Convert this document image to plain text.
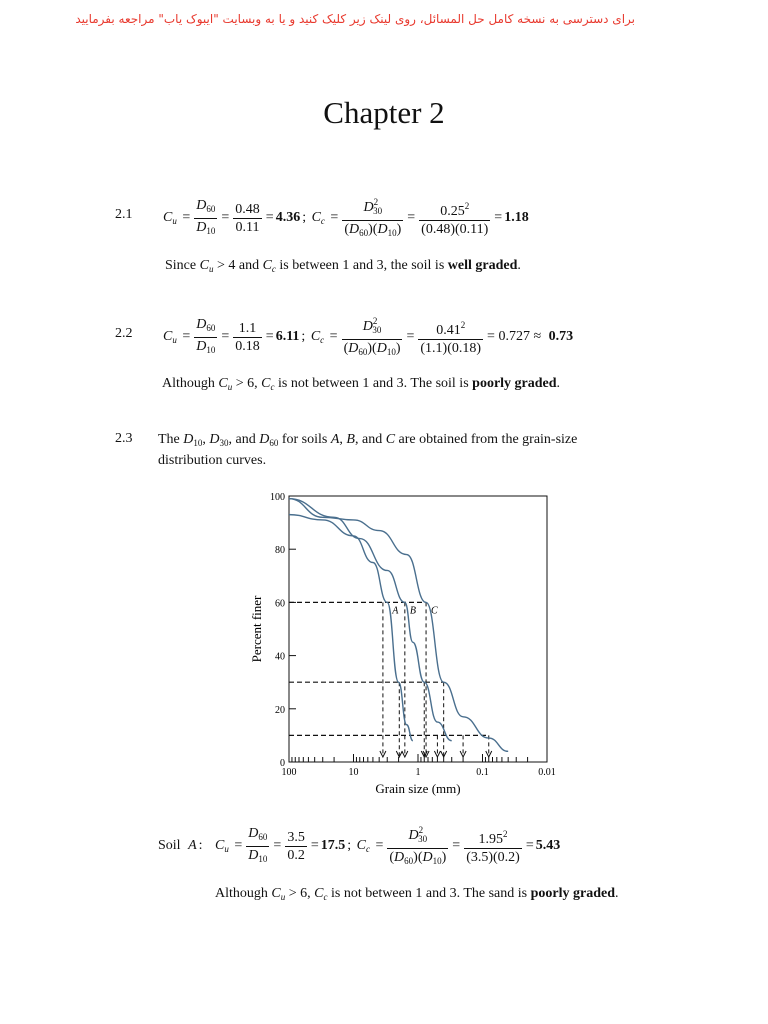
برای دسترسی به نسخه کامل حل المسائل، روی لینک زیر کلیک کنید و یا به وبسایت "ایبوک یاب" مراجعه بفرمایید
Chapter 2
2.1 $C_u = \frac{D_{60}}{D_{10}} = \frac{0.48}{0.11} = 4.36$ ; $C_c = \frac{D^2_{30}}{(D_{60})(D_{10})} = \frac{0.25^2}{(0.48)(0.11)} = 1.18$
Since $C_u > 4$ and $C_c$ is between 1 and 3, the soil is well graded.
2.2 $C_u = \frac{D_{60}}{D_{10}} = \frac{1.1}{0.18} = 6.11$ ; $C_c = \frac{D^2_{30}}{(D_{60})(D_{10})} = \frac{0.41^2}{(1.1)(0.18)} = 0.727$ ≈
0.73
Although $C_u > 6$, $C_c$ is not between 1 and 3. The soil is poorly graded.
2.3 The $D_{10}$, $D_{30}$, and $D_{60}$ for soils A, B, and C are obtained from the grain-size
distribution curves.
0
20
40
60
80
100
100	10	1	0.1	0.01
Grain size (mm)
Percent finer	A B C
Soil
A : $C_u = \frac{D_{60}}{D_{10}} = \frac{3.5}{0.2} = 17.5$ ; $C_c = \frac{D^2_{30}}{(D_{60})(D_{10})} = \frac{1.95^2}{(3.5)(0.2)} = 5.43$
Although $C_u > 6$, $C_c$ is not between 1 and 3. The sand is poorly graded.
